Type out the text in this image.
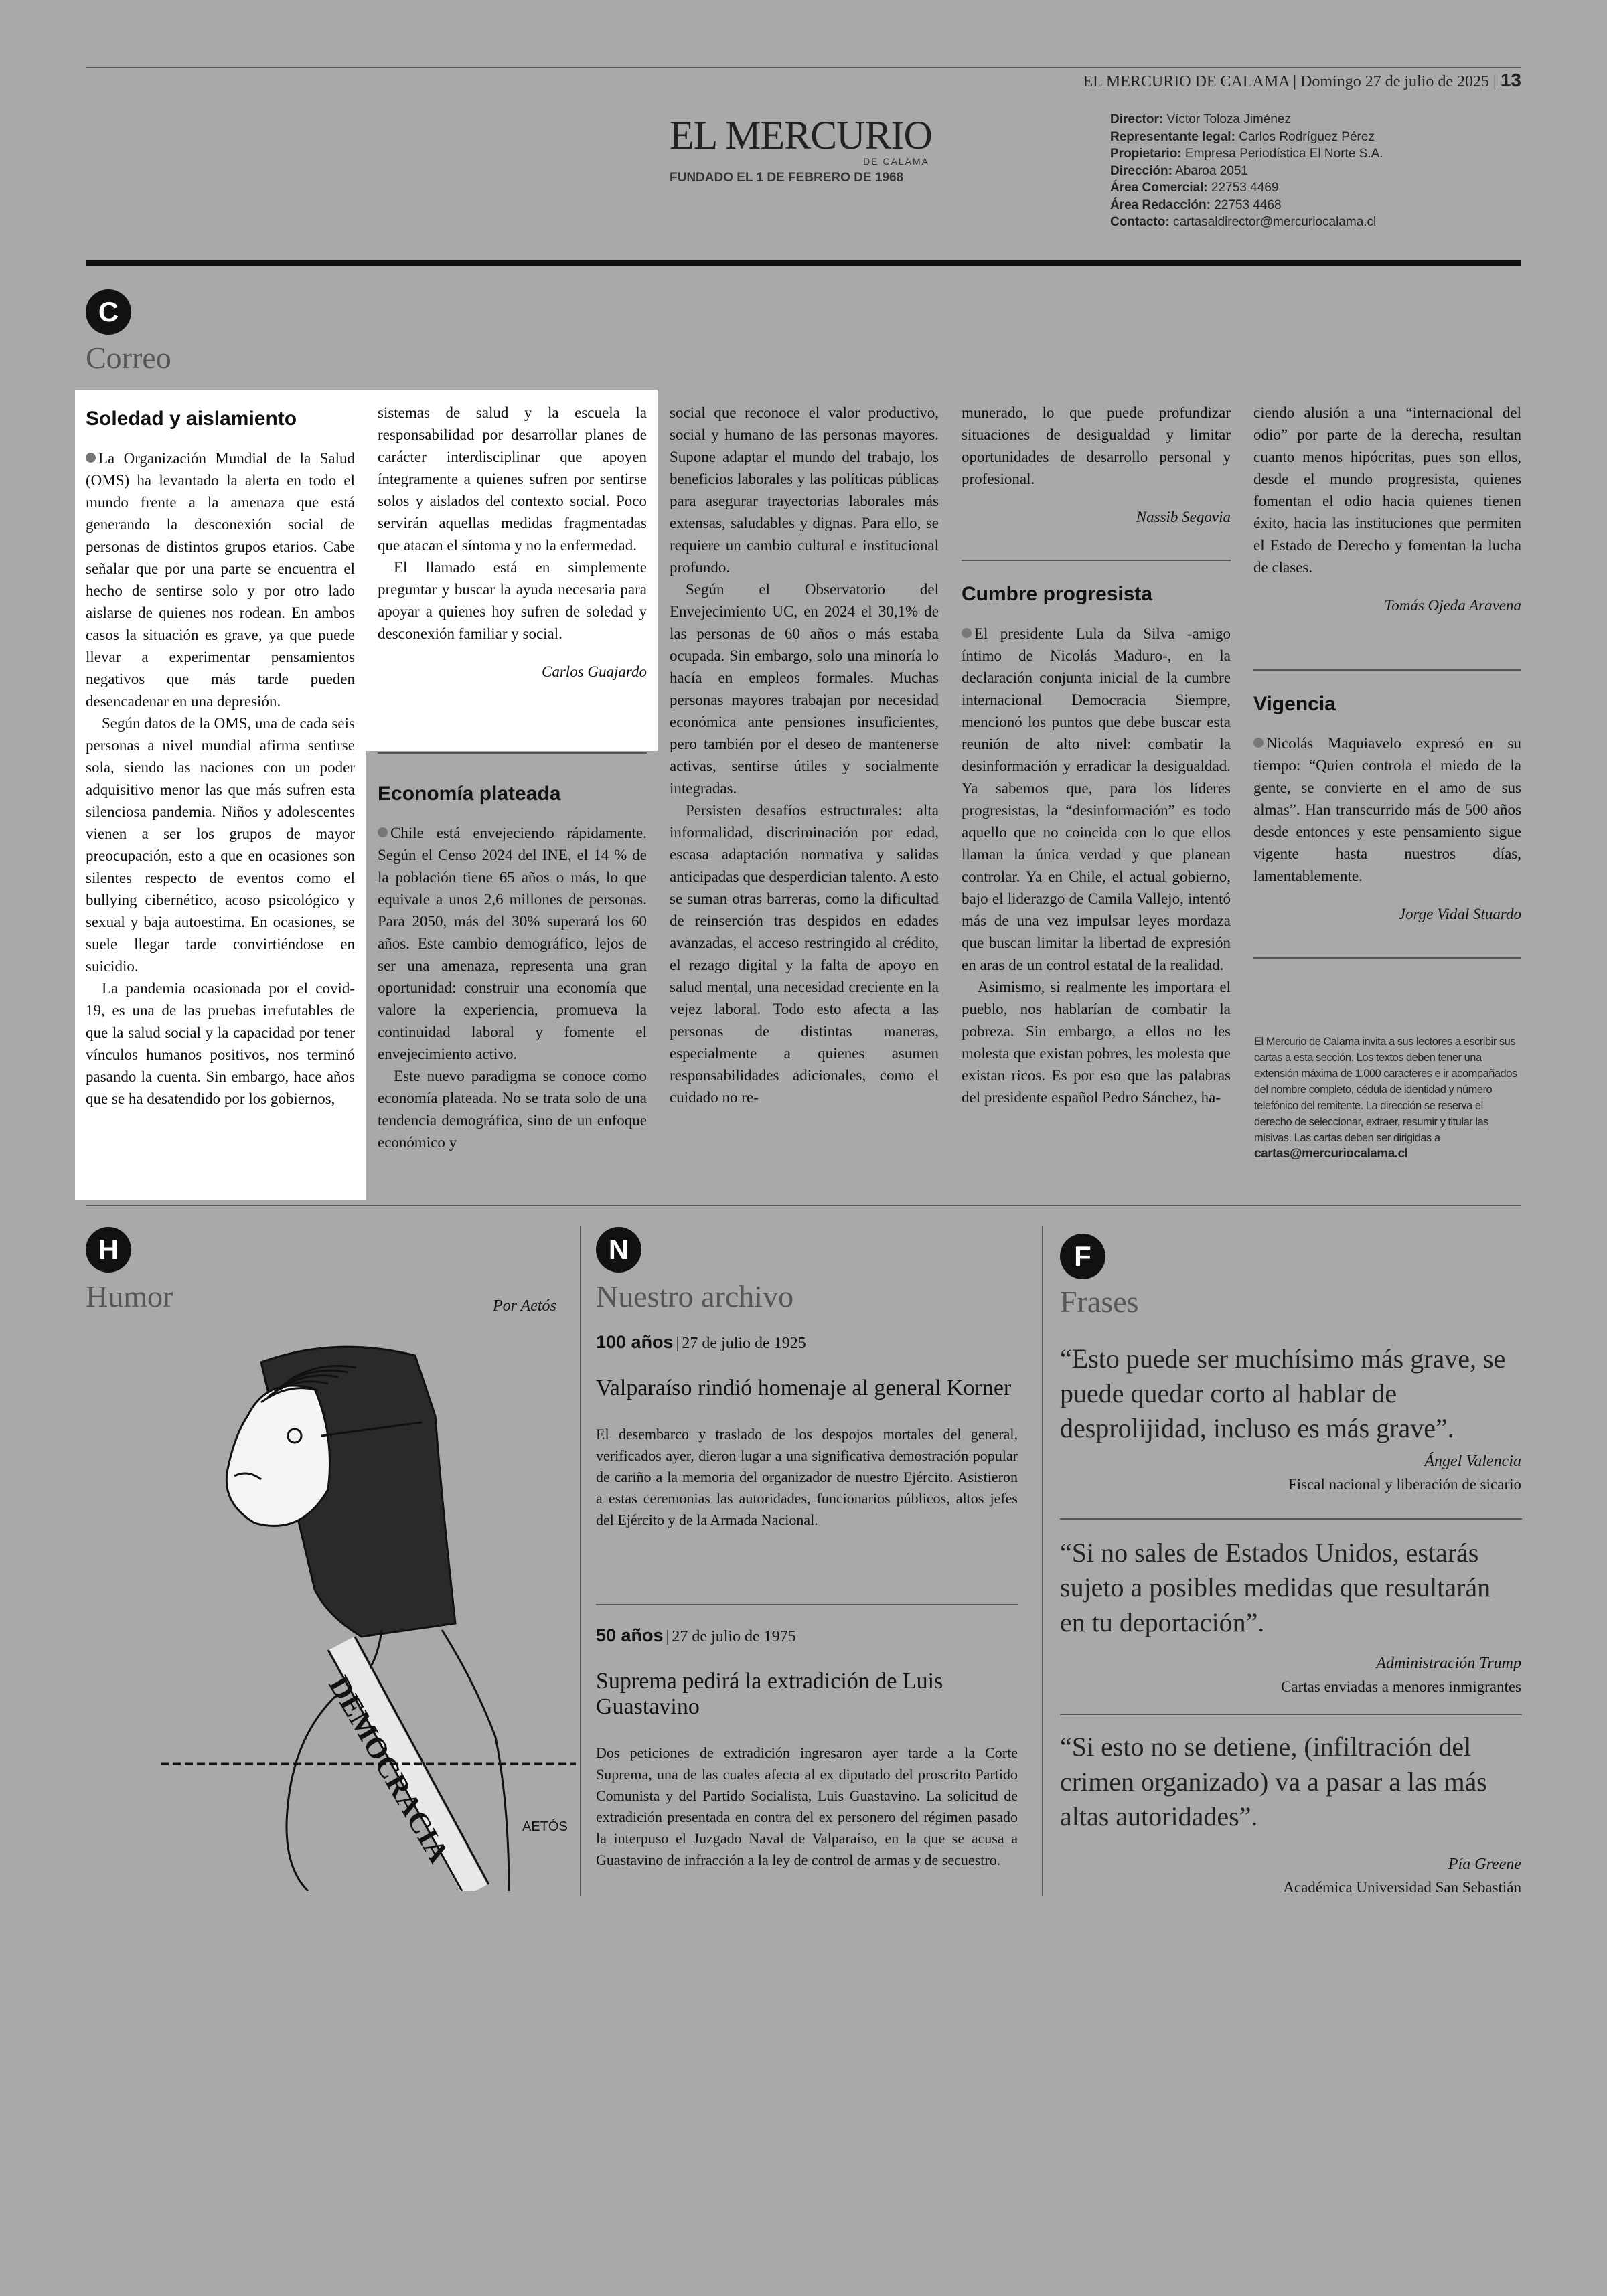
EL MERCURIO DE CALAMA | Domingo 27 de julio de 2025 | 13
EL MERCURIO
DE CALAMA
FUNDADO EL 1 DE FEBRERO DE 1968
Director: Víctor Toloza Jiménez
Representante legal: Carlos Rodríguez Pérez
Propietario: Empresa Periodística El Norte S.A.
Dirección: Abaroa 2051
Área Comercial: 22753 4469
Área Redacción: 22753 4468
Contacto: cartasaldirector@mercuriocalama.cl
C
Correo
Soledad y aislamiento

La Organización Mundial de la Salud (OMS) ha levantado la alerta en todo el mundo frente a la amenaza que está generando la desconexión social de personas de distintos grupos etarios. Cabe señalar que por una parte se encuentra el hecho de sentirse solo y por otro lado aislarse de quienes nos rodean. En ambos casos la situación es grave, ya que puede llevar a experimentar pensamientos negativos que más tarde pueden desencadenar en una depresión.

Según datos de la OMS, una de cada seis personas a nivel mundial afirma sentirse sola, siendo las naciones con un poder adquisitivo menor las que más sufren esta silenciosa pandemia. Niños y adolescentes vienen a ser los grupos de mayor preocupación, esto a que en ocasiones son silentes respecto de eventos como el bullying cibernético, acoso psicológico y sexual y baja autoestima. En ocasiones, se suele llegar tarde convirtiéndose en suicidio.

La pandemia ocasionada por el covid-19, es una de las pruebas irrefutables de que la salud social y la capacidad por tener vínculos humanos positivos, nos terminó pasando la cuenta. Sin embargo, hace años que se ha desatendido por los gobiernos,

sistemas de salud y la escuela la responsabilidad por desarrollar planes de carácter interdisciplinar que apoyen íntegramente a quienes sufren por sentirse solos y aislados del contexto social. Poco servirán aquellas medidas fragmentadas que atacan el síntoma y no la enfermedad.

El llamado está en simplemente preguntar y buscar la ayuda necesaria para apoyar a quienes hoy sufren de soledad y desconexión familiar y social.

Carlos Guajardo

Economía plateada

Chile está envejeciendo rápidamente. Según el Censo 2024 del INE, el 14 % de la población tiene 65 años o más, lo que equivale a unos 2,6 millones de personas. Para 2050, más del 30% superará los 60 años. Este cambio demográfico, lejos de ser una amenaza, representa una gran oportunidad: construir una economía que valore la experiencia, promueva la continuidad laboral y fomente el envejecimiento activo.

Este nuevo paradigma se conoce como economía plateada. No se trata solo de una tendencia demográfica, sino de un enfoque económico y

social que reconoce el valor productivo, social y humano de las personas mayores. Supone adaptar el mundo del trabajo, los beneficios laborales y las políticas públicas para asegurar trayectorias laborales más extensas, saludables y dignas. Para ello, se requiere un cambio cultural e institucional profundo.

Según el Observatorio del Envejecimiento UC, en 2024 el 30,1% de las personas de 60 años o más estaba ocupada. Sin embargo, solo una minoría lo hacía en empleos formales. Muchas personas mayores trabajan por necesidad económica ante pensiones insuficientes, pero también por el deseo de mantenerse activas, sentirse útiles y socialmente integradas.

Persisten desafíos estructurales: alta informalidad, discriminación por edad, escasa adaptación normativa y salidas anticipadas que desperdician talento. A esto se suman otras barreras, como la dificultad de reinserción tras despidos en edades avanzadas, el acceso restringido al crédito, el rezago digital y la falta de apoyo en salud mental, una necesidad creciente en la vejez laboral. Todo esto afecta a las personas de distintas maneras, especialmente a quienes asumen responsabilidades adicionales, como el cuidado no re-

munerado, lo que puede profundizar situaciones de desigualdad y limitar oportunidades de desarrollo personal y profesional.

Nassib Segovia

Cumbre progresista

El presidente Lula da Silva -amigo íntimo de Nicolás Maduro-, en la declaración conjunta inicial de la cumbre internacional Democracia Siempre, mencionó los puntos que debe buscar esta reunión de alto nivel: combatir la desinformación y erradicar la desigualdad. Ya sabemos que, para los líderes progresistas, la “desinformación” es todo aquello que no coincida con lo que ellos llaman la única verdad y que planean controlar. Ya en Chile, el actual gobierno, bajo el liderazgo de Camila Vallejo, intentó más de una vez impulsar leyes mordaza que buscan limitar la libertad de expresión en aras de un control estatal de la realidad.

Asimismo, si realmente les importara el pueblo, nos hablarían de combatir la pobreza. Sin embargo, a ellos no les molesta que existan pobres, les molesta que existan ricos. Es por eso que las palabras del presidente español Pedro Sánchez, ha-

ciendo alusión a una “internacional del odio” por parte de la derecha, resultan cuanto menos hipócritas, pues son ellos, desde el mundo progresista, quienes fomentan el odio hacia quienes tienen éxito, hacia las instituciones que permiten el Estado de Derecho y fomentan la lucha de clases.

Tomás Ojeda Aravena

Vigencia

Nicolás Maquiavelo expresó en su tiempo: “Quien controla el miedo de la gente, se convierte en el amo de sus almas”. Han transcurrido más de 500 años desde entonces y este pensamiento sigue vigente hasta nuestros días, lamentablemente.

Jorge Vidal Stuardo

El Mercurio de Calama invita a sus lectores a escribir sus cartas a esta sección. Los textos deben tener una extensión máxima de 1.000 caracteres e ir acompañados del nombre completo, cédula de identidad y número telefónico del remitente. La dirección se reserva el derecho de seleccionar, extraer, resumir y titular las misivas. Las cartas deben ser dirigidas a
cartas@mercuriocalama.cl
H
Humor	Por Aetós
DEMOCRACIA	AETÓS
N
Nuestro archivo
100 años | 27 de julio de 1925
Valparaíso rindió homenaje al general Korner
El desembarco y traslado de los despojos mortales del general, verificados ayer, dieron lugar a una significativa demostración popular de cariño a la memoria del organizador de nuestro Ejército. Asistieron a estas ceremonias las autoridades, funcionarios públicos, altos jefes del Ejército y de la Armada Nacional.
50 años | 27 de julio de 1975
Suprema pedirá la extradición de Luis Guastavino
Dos peticiones de extradición ingresaron ayer tarde a la Corte Suprema, una de las cuales afecta al ex diputado del proscrito Partido Comunista y del Partido Socialista, Luis Guastavino. La solicitud de extradición presentada en contra del ex personero del régimen pasado la interpuso el Juzgado Naval de Valparaíso, en la que se acusa a Guastavino de infracción a la ley de control de armas y de secuestro.
F
Frases
“Esto puede ser muchísimo más grave, se puede quedar corto al hablar de desprolijidad, incluso es más grave”.
Ángel Valencia
Fiscal nacional y liberación de sicario
“Si no sales de Estados Unidos, estarás sujeto a posibles medidas que resultarán en tu deportación”.
Administración Trump
Cartas enviadas a menores inmigrantes
“Si esto no se detiene, (infiltración del crimen organizado) va a pasar a las más altas autoridades”.
Pía Greene
Académica Universidad San Sebastián
